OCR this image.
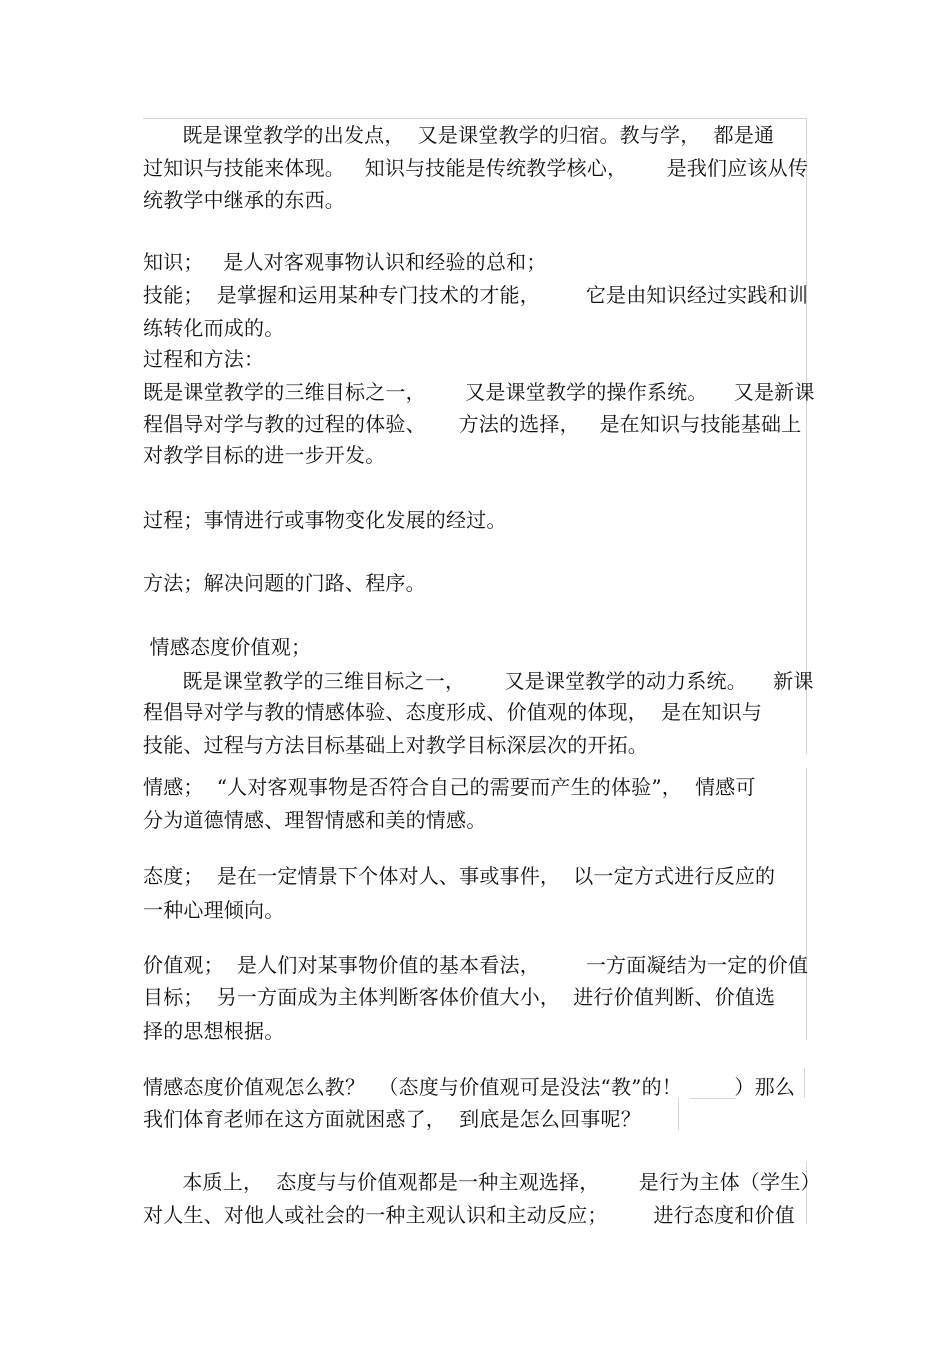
既是课堂教学的出发点，  又是课堂教学的归宿。教与学，  都是通

过知识与技能来体现。   知识与技能是传统教学核心，      是我们应该从传

统教学中继承的东西。

知识；   是人对客观事物认识和经验的总和；

技能；  是掌握和运用某种专门技术的才能，       它是由知识经过实践和训

练转化而成的。

过程和方法：

既是课堂教学的三维目标之一，      又是课堂教学的操作系统。    又是新课

程倡导对学与教的过程的体验、     方法的选择，   是在知识与技能基础上

对教学目标的进一步开发。

过程；事情进行或事物变化发展的经过。

方法；解决问题的门路、程序。

情感态度价值观；

既是课堂教学的三维目标之一，      又是课堂教学的动力系统。    新课

程倡导对学与教的情感体验、态度形成、价值观的体现，  是在知识与

技能、过程与方法目标基础上对教学目标深层次的开拓。

情感；  “人对客观事物是否符合自己的需要而产生的体验”，  情感可

分为道德情感、理智情感和美的情感。

态度；  是在一定情景下个体对人、事或事件，  以一定方式进行反应的

一种心理倾向。

价值观；  是人们对某事物价值的基本看法，       一方面凝结为一定的价值

目标；  另一方面成为主体判断客体价值大小，  进行价值判断、价值选

择的思想根据。

情感态度价值观怎么教？  （态度与价值观可是没法“教”的！        ）那么

我们体育老师在这方面就困惑了，  到底是怎么回事呢？

本质上，  态度与与价值观都是一种主观选择，      是行为主体（学生）

对人生、对他人或社会的一种主观认识和主动反应；       进行态度和价值
